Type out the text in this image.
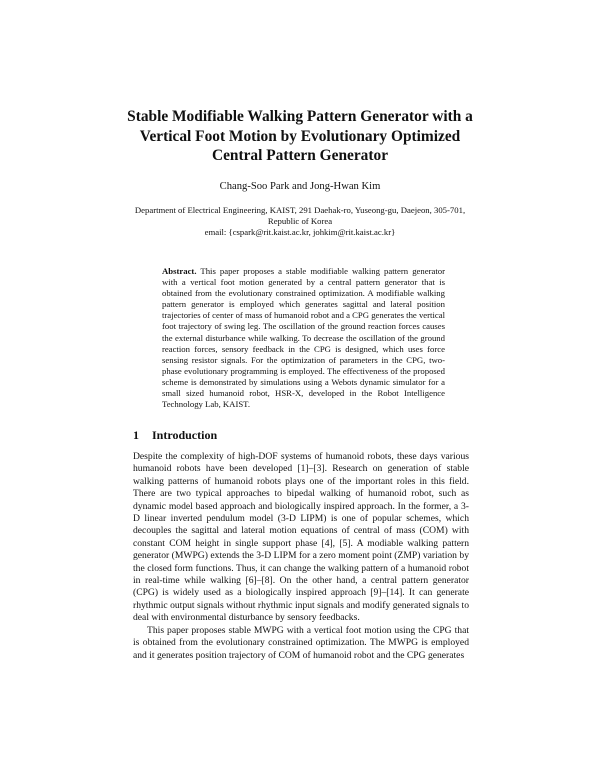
Stable Modifiable Walking Pattern Generator with a
Vertical Foot Motion by Evolutionary Optimized
Central Pattern Generator
Chang-Soo Park and Jong-Hwan Kim
Department of Electrical Engineering, KAIST, 291 Daehak-ro, Yuseong-gu, Daejeon, 305-701,
Republic of Korea
email: {cspark@rit.kaist.ac.kr, johkim@rit.kaist.ac.kr}
Abstract. This paper proposes a stable modifiable walking pattern generator with a vertical foot motion generated by a central pattern generator that is obtained from the evolutionary constrained optimization. A modifiable walking pattern generator is employed which generates sagittal and lateral position trajectories of center of mass of humanoid robot and a CPG generates the vertical foot trajectory of swing leg. The oscillation of the ground reaction forces causes the external disturbance while walking. To decrease the oscillation of the ground reaction forces, sensory feedback in the CPG is designed, which uses force sensing resistor signals. For the optimization of parameters in the CPG, two-phase evolutionary programming is employed. The effectiveness of the proposed scheme is demonstrated by simulations using a Webots dynamic simulator for a small sized humanoid robot, HSR-X, developed in the Robot Intelligence Technology Lab, KAIST.
1 Introduction

Despite the complexity of high-DOF systems of humanoid robots, these days various humanoid robots have been developed [1]–[3]. Research on generation of stable walking patterns of humanoid robots plays one of the important roles in this field. There are two typical approaches to bipedal walking of humanoid robot, such as dynamic model based approach and biologically inspired approach. In the former, a 3-D linear inverted pendulum model (3-D LIPM) is one of popular schemes, which decouples the sagittal and lateral motion equations of central of mass (COM) with constant COM height in single support phase [4], [5]. A modiable walking pattern generator (MWPG) extends the 3-D LIPM for a zero moment point (ZMP) variation by the closed form functions. Thus, it can change the walking pattern of a humanoid robot in real-time while walking [6]–[8]. On the other hand, a central pattern generator (CPG) is widely used as a biologically inspired approach [9]–[14]. It can generate rhythmic output signals without rhythmic input signals and modify generated signals to deal with environmental disturbance by sensory feedbacks.

This paper proposes stable MWPG with a vertical foot motion using the CPG that is obtained from the evolutionary constrained optimization. The MWPG is employed and it generates position trajectory of COM of humanoid robot and the CPG generates
